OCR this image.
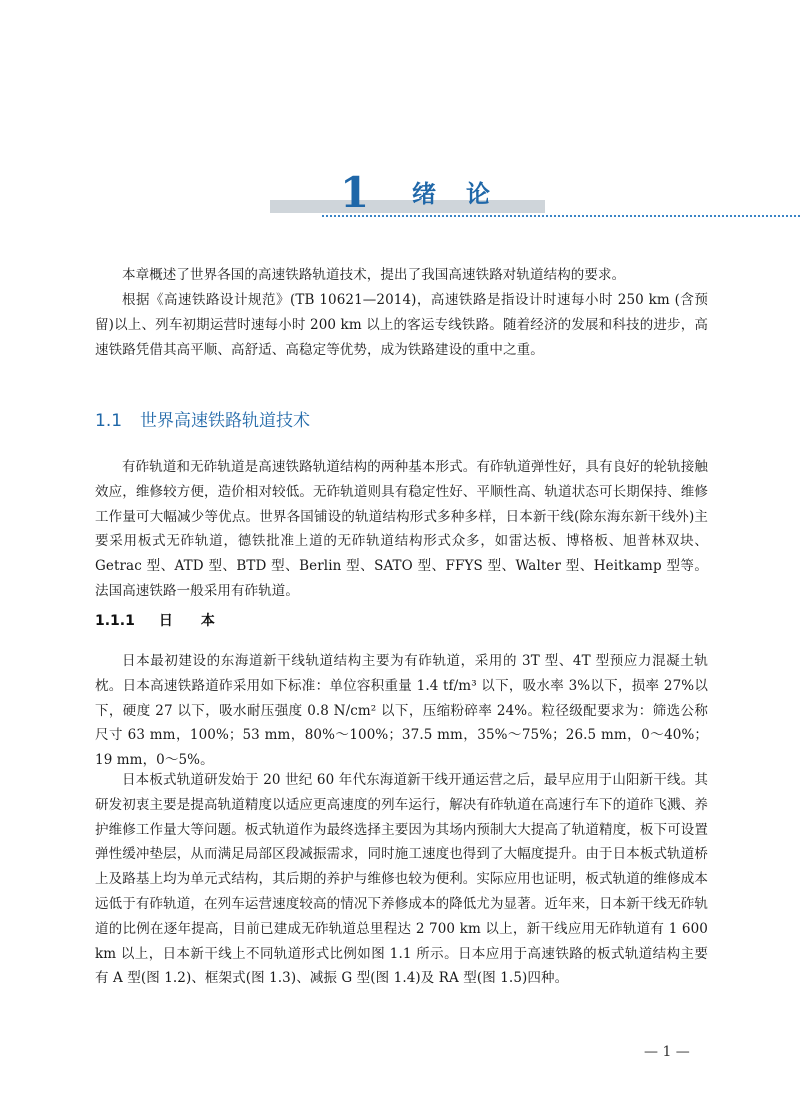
1 绪论

本章概述了世界各国的高速铁路轨道技术，提出了我国高速铁路对轨道结构的要求。

根据《高速铁路设计规范》(TB 10621—2014)，高速铁路是指设计时速每小时 250 km (含预留)以上、列车初期运营时速每小时 200 km 以上的客运专线铁路。随着经济的发展和科技的进步，高速铁路凭借其高平顺、高舒适、高稳定等优势，成为铁路建设的重中之重。

1.1 世界高速铁路轨道技术

有砟轨道和无砟轨道是高速铁路轨道结构的两种基本形式。有砟轨道弹性好，具有良好的轮轨接触效应，维修较方便，造价相对较低。无砟轨道则具有稳定性好、平顺性高、轨道状态可长期保持、维修工作量可大幅减少等优点。世界各国铺设的轨道结构形式多种多样，日本新干线(除东海东新干线外)主要采用板式无砟轨道，德铁批准上道的无砟轨道结构形式众多，如雷达板、博格板、旭普林双块、Getrac 型、ATD 型、BTD 型、Berlin 型、SATO 型、FFYS 型、Walter 型、Heitkamp 型等。法国高速铁路一般采用有砟轨道。

1.1.1 日本

日本最初建设的东海道新干线轨道结构主要为有砟轨道，采用的 3T 型、4T 型预应力混凝土轨枕。日本高速铁路道砟采用如下标准：单位容积重量 1.4 tf/m³ 以下，吸水率 3%以下，损率 27%以下，硬度 27 以下，吸水耐压强度 0.8 N/cm² 以下，压缩粉碎率 24%。粒径级配要求为：筛选公称尺寸 63 mm，100%；53 mm，80%～100%；37.5 mm，35%～75%；26.5 mm，0～40%；19 mm，0～5%。

日本板式轨道研发始于 20 世纪 60 年代东海道新干线开通运营之后，最早应用于山阳新干线。其研发初衷主要是提高轨道精度以适应更高速度的列车运行，解决有砟轨道在高速行车下的道砟飞溅、养护维修工作量大等问题。板式轨道作为最终选择主要因为其场内预制大大提高了轨道精度，板下可设置弹性缓冲垫层，从而满足局部区段减振需求，同时施工速度也得到了大幅度提升。由于日本板式轨道桥上及路基上均为单元式结构，其后期的养护与维修也较为便利。实际应用也证明，板式轨道的维修成本远低于有砟轨道，在列车运营速度较高的情况下养修成本的降低尤为显著。近年来，日本新干线无砟轨道的比例在逐年提高，目前已建成无砟轨道总里程达 2 700 km 以上，新干线应用无砟轨道有 1 600 km 以上，日本新干线上不同轨道形式比例如图 1.1 所示。日本应用于高速铁路的板式轨道结构主要有 A 型(图 1.2)、框架式(图 1.3)、减振 G 型(图 1.4)及 RA 型(图 1.5)四种。

— 1 —
